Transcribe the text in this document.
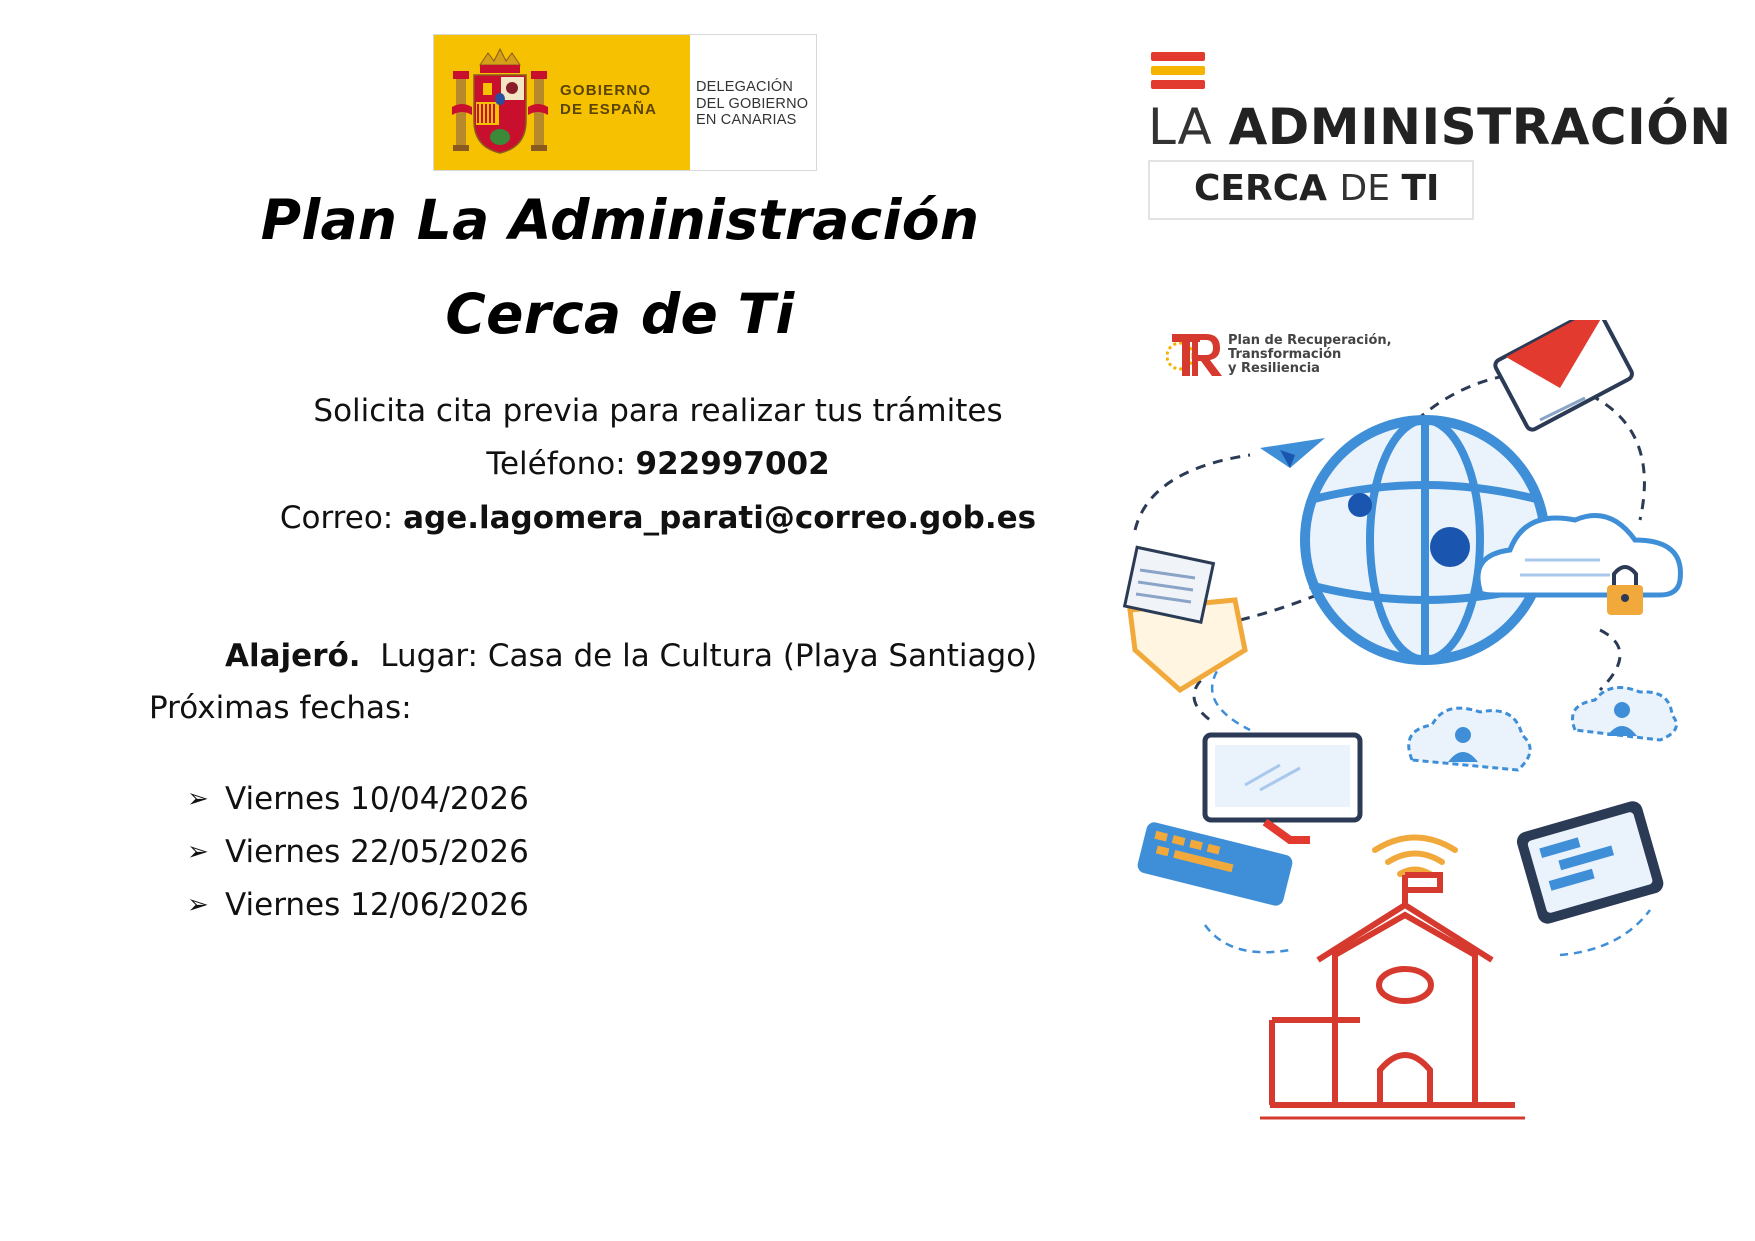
GOBIERNO
DE ESPAÑA
DELEGACIÓN
DEL GOBIERNO
EN CANARIAS
Plan La Administración
Cerca de Ti
Solicita cita previa para realizar tus trámites
Teléfono: 922997002
Correo: age.lagomera_parati@correo.gob.es
Alajeró. Lugar: Casa de la Cultura (Playa Santiago)
Próximas fechas:
➢ Viernes 10/04/2026
➢ Viernes 22/05/2026
➢ Viernes 12/06/2026
LA ADMINISTRACIÓN
CERCA DE TI
Plan de Recuperación,
Transformación
y Resiliencia
